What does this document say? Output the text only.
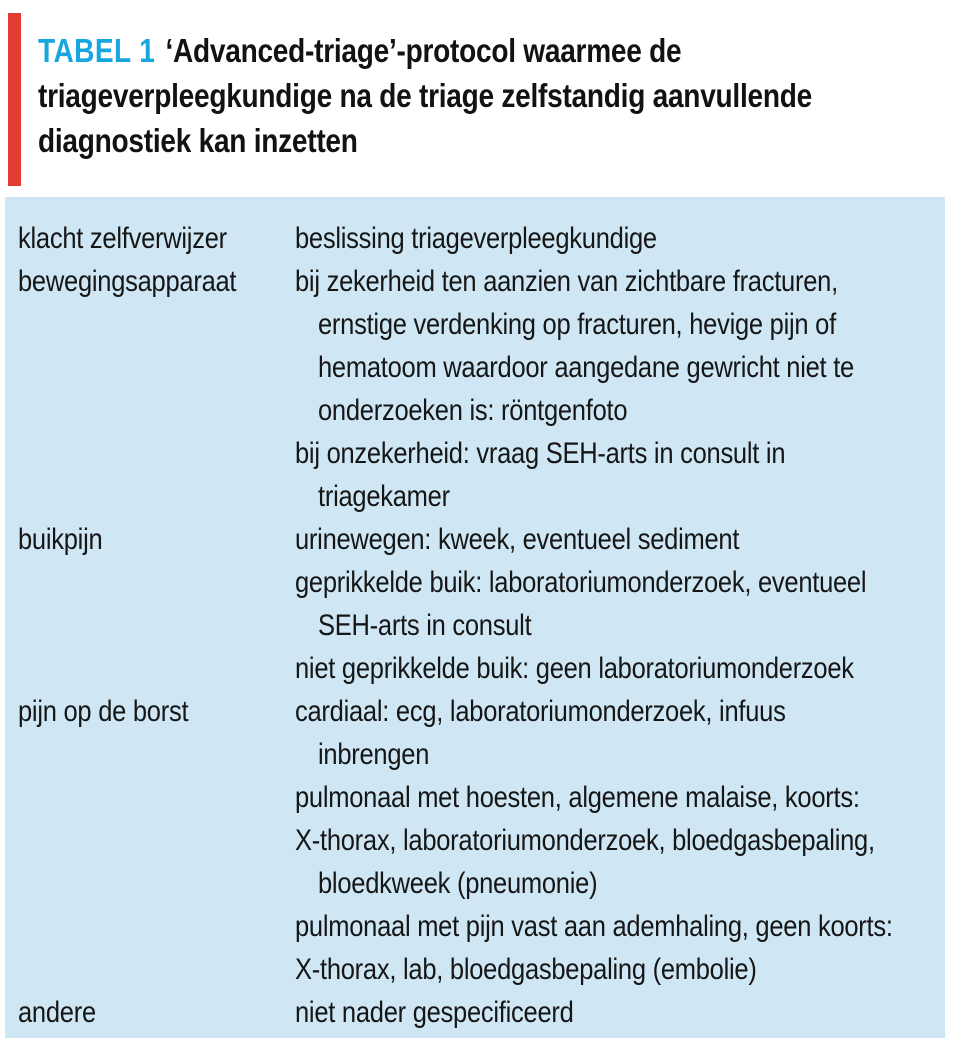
TABEL 1 ‘Advanced-triage’-protocol waarmee de
triageverpleegkundige na de triage zelfstandig aanvullende
diagnostiek kan inzetten
klacht zelfverwijzer	beslissing triageverpleegkundige
bewegingsapparaat	bij zekerheid ten aanzien van zichtbare fracturen,
ernstige verdenking op fracturen, hevige pijn of
hematoom waardoor aangedane gewricht niet te
onderzoeken is: röntgenfoto
bij onzekerheid: vraag SEH-arts in consult in
triagekamer
buikpijn	urinewegen: kweek, eventueel sediment
geprikkelde buik: laboratoriumonderzoek, eventueel
SEH-arts in consult
niet geprikkelde buik: geen laboratoriumonderzoek
pijn op de borst	cardiaal: ecg, laboratoriumonderzoek, infuus
inbrengen
pulmonaal met hoesten, algemene malaise, koorts:
X-thorax, laboratoriumonderzoek, bloedgasbepaling,
bloedkweek (pneumonie)
pulmonaal met pijn vast aan ademhaling, geen koorts:
X-thorax, lab, bloedgasbepaling (embolie)
andere	niet nader gespecificeerd
